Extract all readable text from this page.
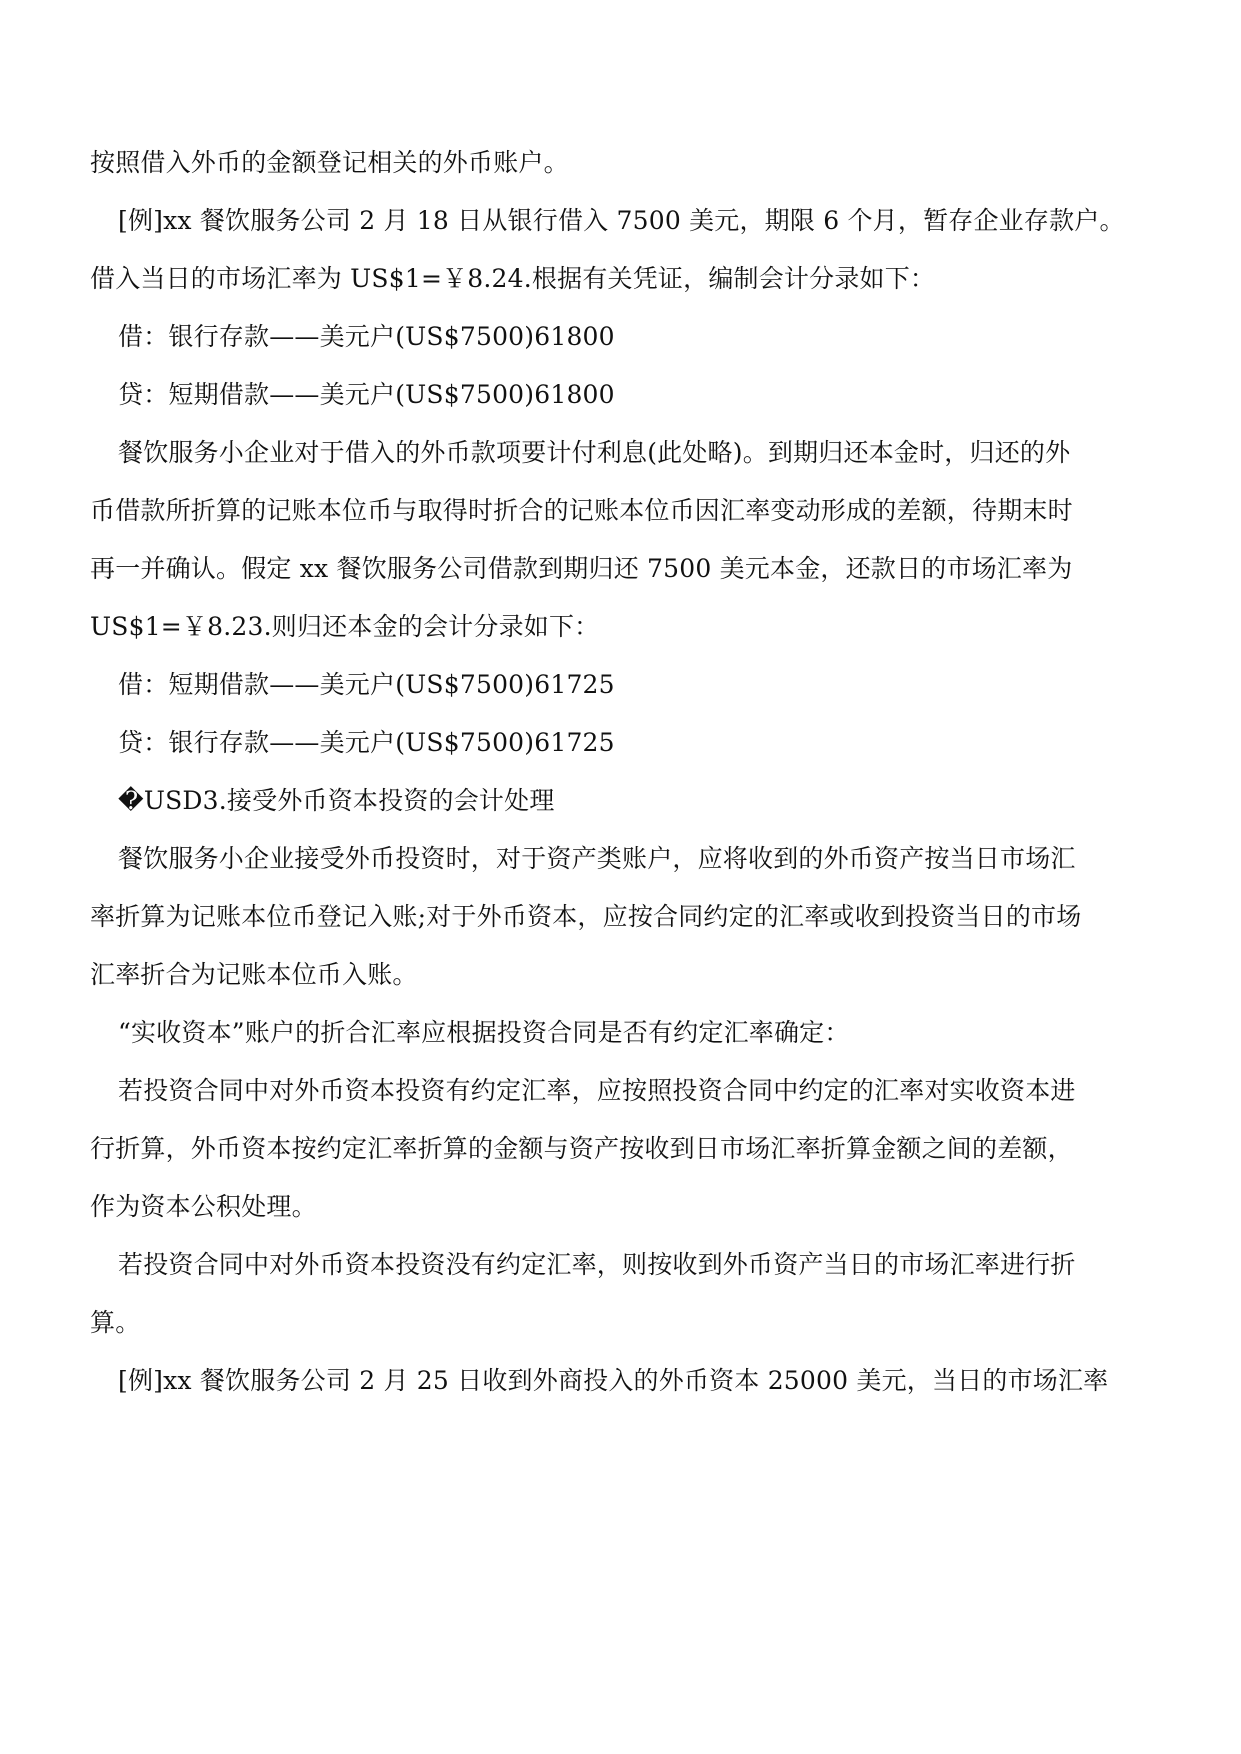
按照借入外币的金额登记相关的外币账户。
[例]xx 餐饮服务公司 2 月 18 日从银行借入 7500 美元，期限 6 个月，暂存企业存款户。
借入当日的市场汇率为 US$1=￥8.24.根据有关凭证，编制会计分录如下：
借：银行存款——美元户(US$7500)61800
贷：短期借款——美元户(US$7500)61800
餐饮服务小企业对于借入的外币款项要计付利息(此处略)。到期归还本金时，归还的外
币借款所折算的记账本位币与取得时折合的记账本位币因汇率变动形成的差额，待期末时
再一并确认。假定 xx 餐饮服务公司借款到期归还 7500 美元本金，还款日的市场汇率为
US$1=￥8.23.则归还本金的会计分录如下：
借：短期借款——美元户(US$7500)61725
贷：银行存款——美元户(US$7500)61725
�USD3.接受外币资本投资的会计处理
餐饮服务小企业接受外币投资时，对于资产类账户，应将收到的外币资产按当日市场汇
率折算为记账本位币登记入账;对于外币资本，应按合同约定的汇率或收到投资当日的市场
汇率折合为记账本位币入账。
“实收资本”账户的折合汇率应根据投资合同是否有约定汇率确定：
若投资合同中对外币资本投资有约定汇率，应按照投资合同中约定的汇率对实收资本进
行折算，外币资本按约定汇率折算的金额与资产按收到日市场汇率折算金额之间的差额，
作为资本公积处理。
若投资合同中对外币资本投资没有约定汇率，则按收到外币资产当日的市场汇率进行折
算。
[例]xx 餐饮服务公司 2 月 25 日收到外商投入的外币资本 25000 美元，当日的市场汇率
